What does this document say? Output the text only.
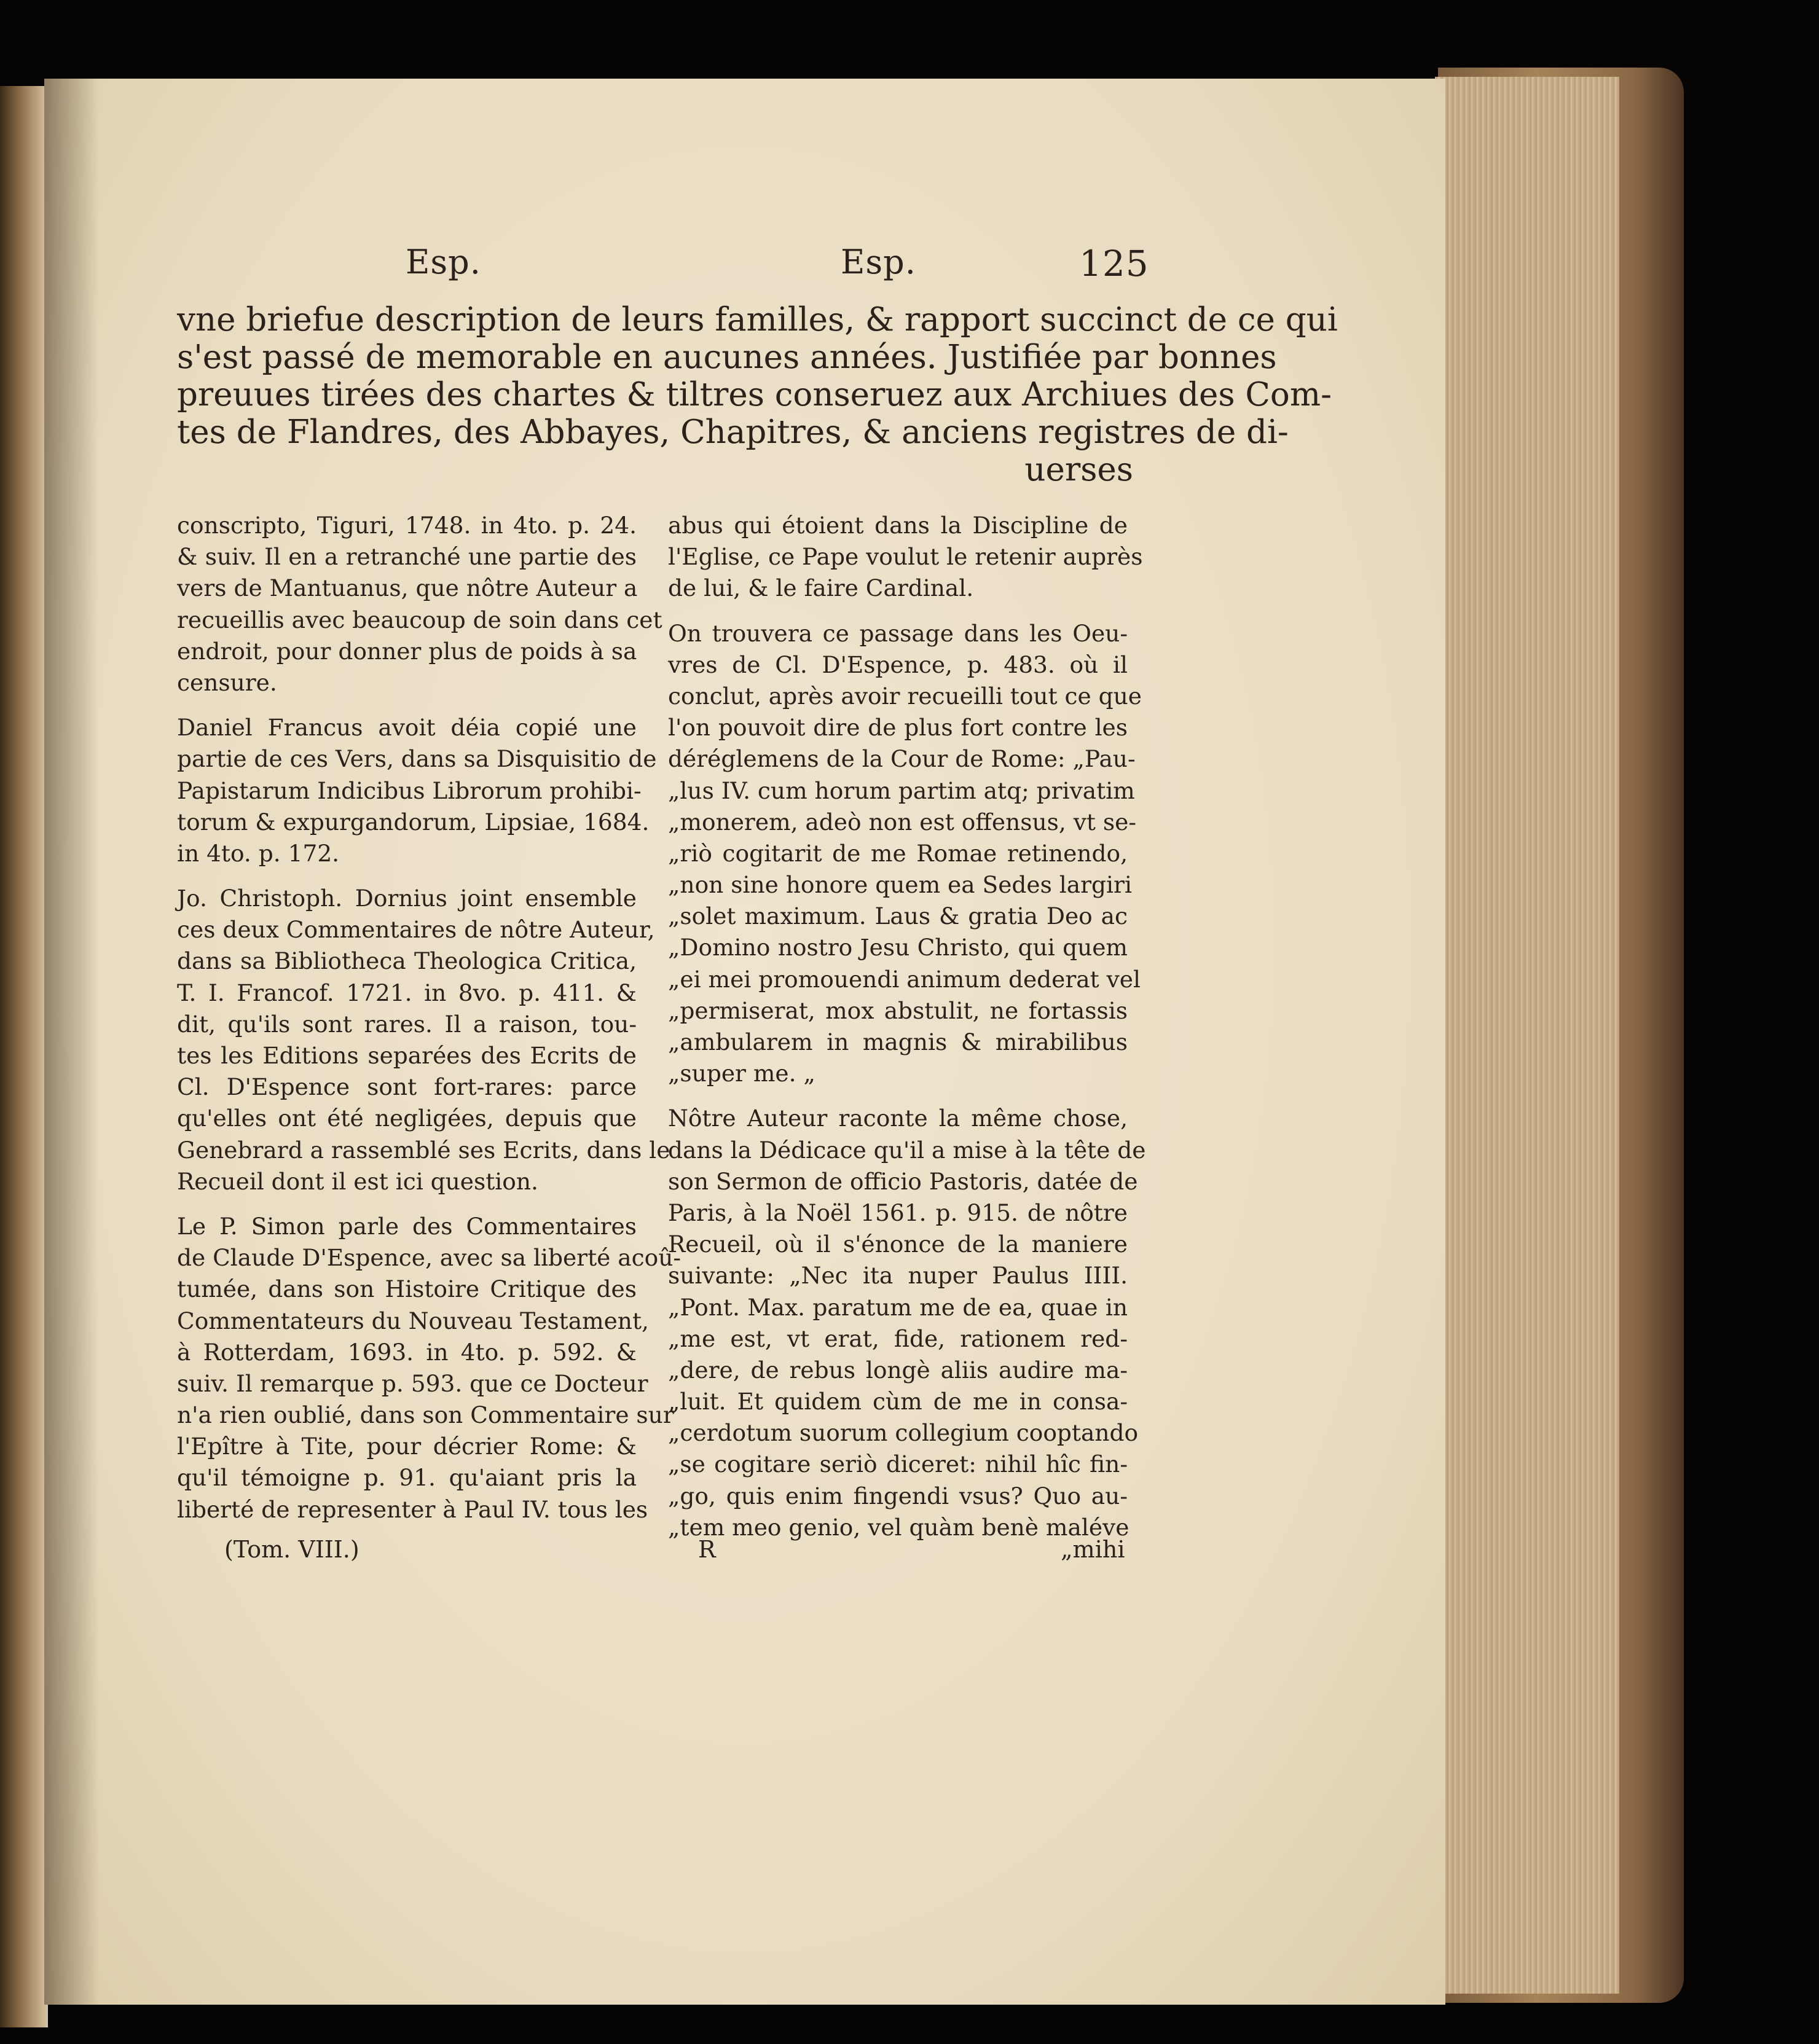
Esp.	Esp.	125
vne briefue description de leurs familles, & rapport succinct de ce qui
s'est passé de memorable en aucunes années. Justifiée par bonnes
preuues tirées des chartes & tiltres conseruez aux Archiues des Com-
tes de Flandres, des Abbayes, Chapitres, & anciens registres de di-
uerses
conscripto, Tiguri, 1748. in 4to. p. 24.
& suiv. Il en a retranché une partie des
vers de Mantuanus, que nôtre Auteur a
recueillis avec beaucoup de soin dans cet
endroit, pour donner plus de poids à sa
censure.
Daniel Francus avoit déia copié une
partie de ces Vers, dans sa Disquisitio de
Papistarum Indicibus Librorum prohibi-
torum & expurgandorum, Lipsiae, 1684.
in 4to. p. 172.
Jo. Christoph. Dornius joint ensemble
ces deux Commentaires de nôtre Auteur,
dans sa Bibliotheca Theologica Critica,
T. I. Francof. 1721. in 8vo. p. 411. &
dit, qu'ils sont rares. Il a raison, tou-
tes les Editions separées des Ecrits de
Cl. D'Espence sont fort-rares: parce
qu'elles ont été negligées, depuis que
Genebrard a rassemblé ses Ecrits, dans le
Recueil dont il est ici question.
Le P. Simon parle des Commentaires
de Claude D'Espence, avec sa liberté acoû-
tumée, dans son Histoire Critique des
Commentateurs du Nouveau Testament,
à Rotterdam, 1693. in 4to. p. 592. &
suiv. Il remarque p. 593. que ce Docteur
n'a rien oublié, dans son Commentaire sur
l'Epître à Tite, pour décrier Rome: &
qu'il témoigne p. 91. qu'aiant pris la
liberté de representer à Paul IV. tous les
abus qui étoient dans la Discipline de
l'Eglise, ce Pape voulut le retenir auprès
de lui, & le faire Cardinal.
On trouvera ce passage dans les Oeu-
vres de Cl. D'Espence, p. 483. où il
conclut, après avoir recueilli tout ce que
l'on pouvoit dire de plus fort contre les
déréglemens de la Cour de Rome: „Pau-
„lus IV. cum horum partim atq; privatim
„monerem, adeò non est offensus, vt se-
„riò cogitarit de me Romae retinendo,
„non sine honore quem ea Sedes largiri
„solet maximum. Laus & gratia Deo ac
„Domino nostro Jesu Christo, qui quem
„ei mei promouendi animum dederat vel
„permiserat, mox abstulit, ne fortassis
„ambularem in magnis & mirabilibus
„super me. „
Nôtre Auteur raconte la même chose,
dans la Dédicace qu'il a mise à la tête de
son Sermon de officio Pastoris, datée de
Paris, à la Noël 1561. p. 915. de nôtre
Recueil, où il s'énonce de la maniere
suivante: „Nec ita nuper Paulus IIII.
„Pont. Max. paratum me de ea, quae in
„me est, vt erat, fide, rationem red-
„dere, de rebus longè aliis audire ma-
„luit. Et quidem cùm de me in consa-
„cerdotum suorum collegium cooptando
„se cogitare seriò diceret: nihil hîc fin-
„go, quis enim fingendi vsus? Quo au-
„tem meo genio, vel quàm benè maléve
(Tom. VIII.)	R	„mihi
